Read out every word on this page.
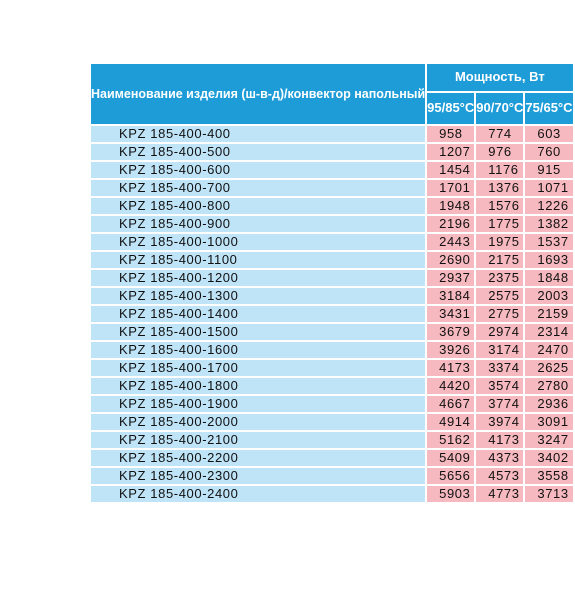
Наименование изделия (ш-в-д)/конвектор напольный	Мощность, Вт		
	95/85°С	90/70°С	75/65°С
KPZ 185-400-400	958	774	603
KPZ 185-400-500	1207	976	760
KPZ 185-400-600	1454	1176	915
KPZ 185-400-700	1701	1376	1071
KPZ 185-400-800	1948	1576	1226
KPZ 185-400-900	2196	1775	1382
KPZ 185-400-1000	2443	1975	1537
KPZ 185-400-1100	2690	2175	1693
KPZ 185-400-1200	2937	2375	1848
KPZ 185-400-1300	3184	2575	2003
KPZ 185-400-1400	3431	2775	2159
KPZ 185-400-1500	3679	2974	2314
KPZ 185-400-1600	3926	3174	2470
KPZ 185-400-1700	4173	3374	2625
KPZ 185-400-1800	4420	3574	2780
KPZ 185-400-1900	4667	3774	2936
KPZ 185-400-2000	4914	3974	3091
KPZ 185-400-2100	5162	4173	3247
KPZ 185-400-2200	5409	4373	3402
KPZ 185-400-2300	5656	4573	3558
KPZ 185-400-2400	5903	4773	3713
